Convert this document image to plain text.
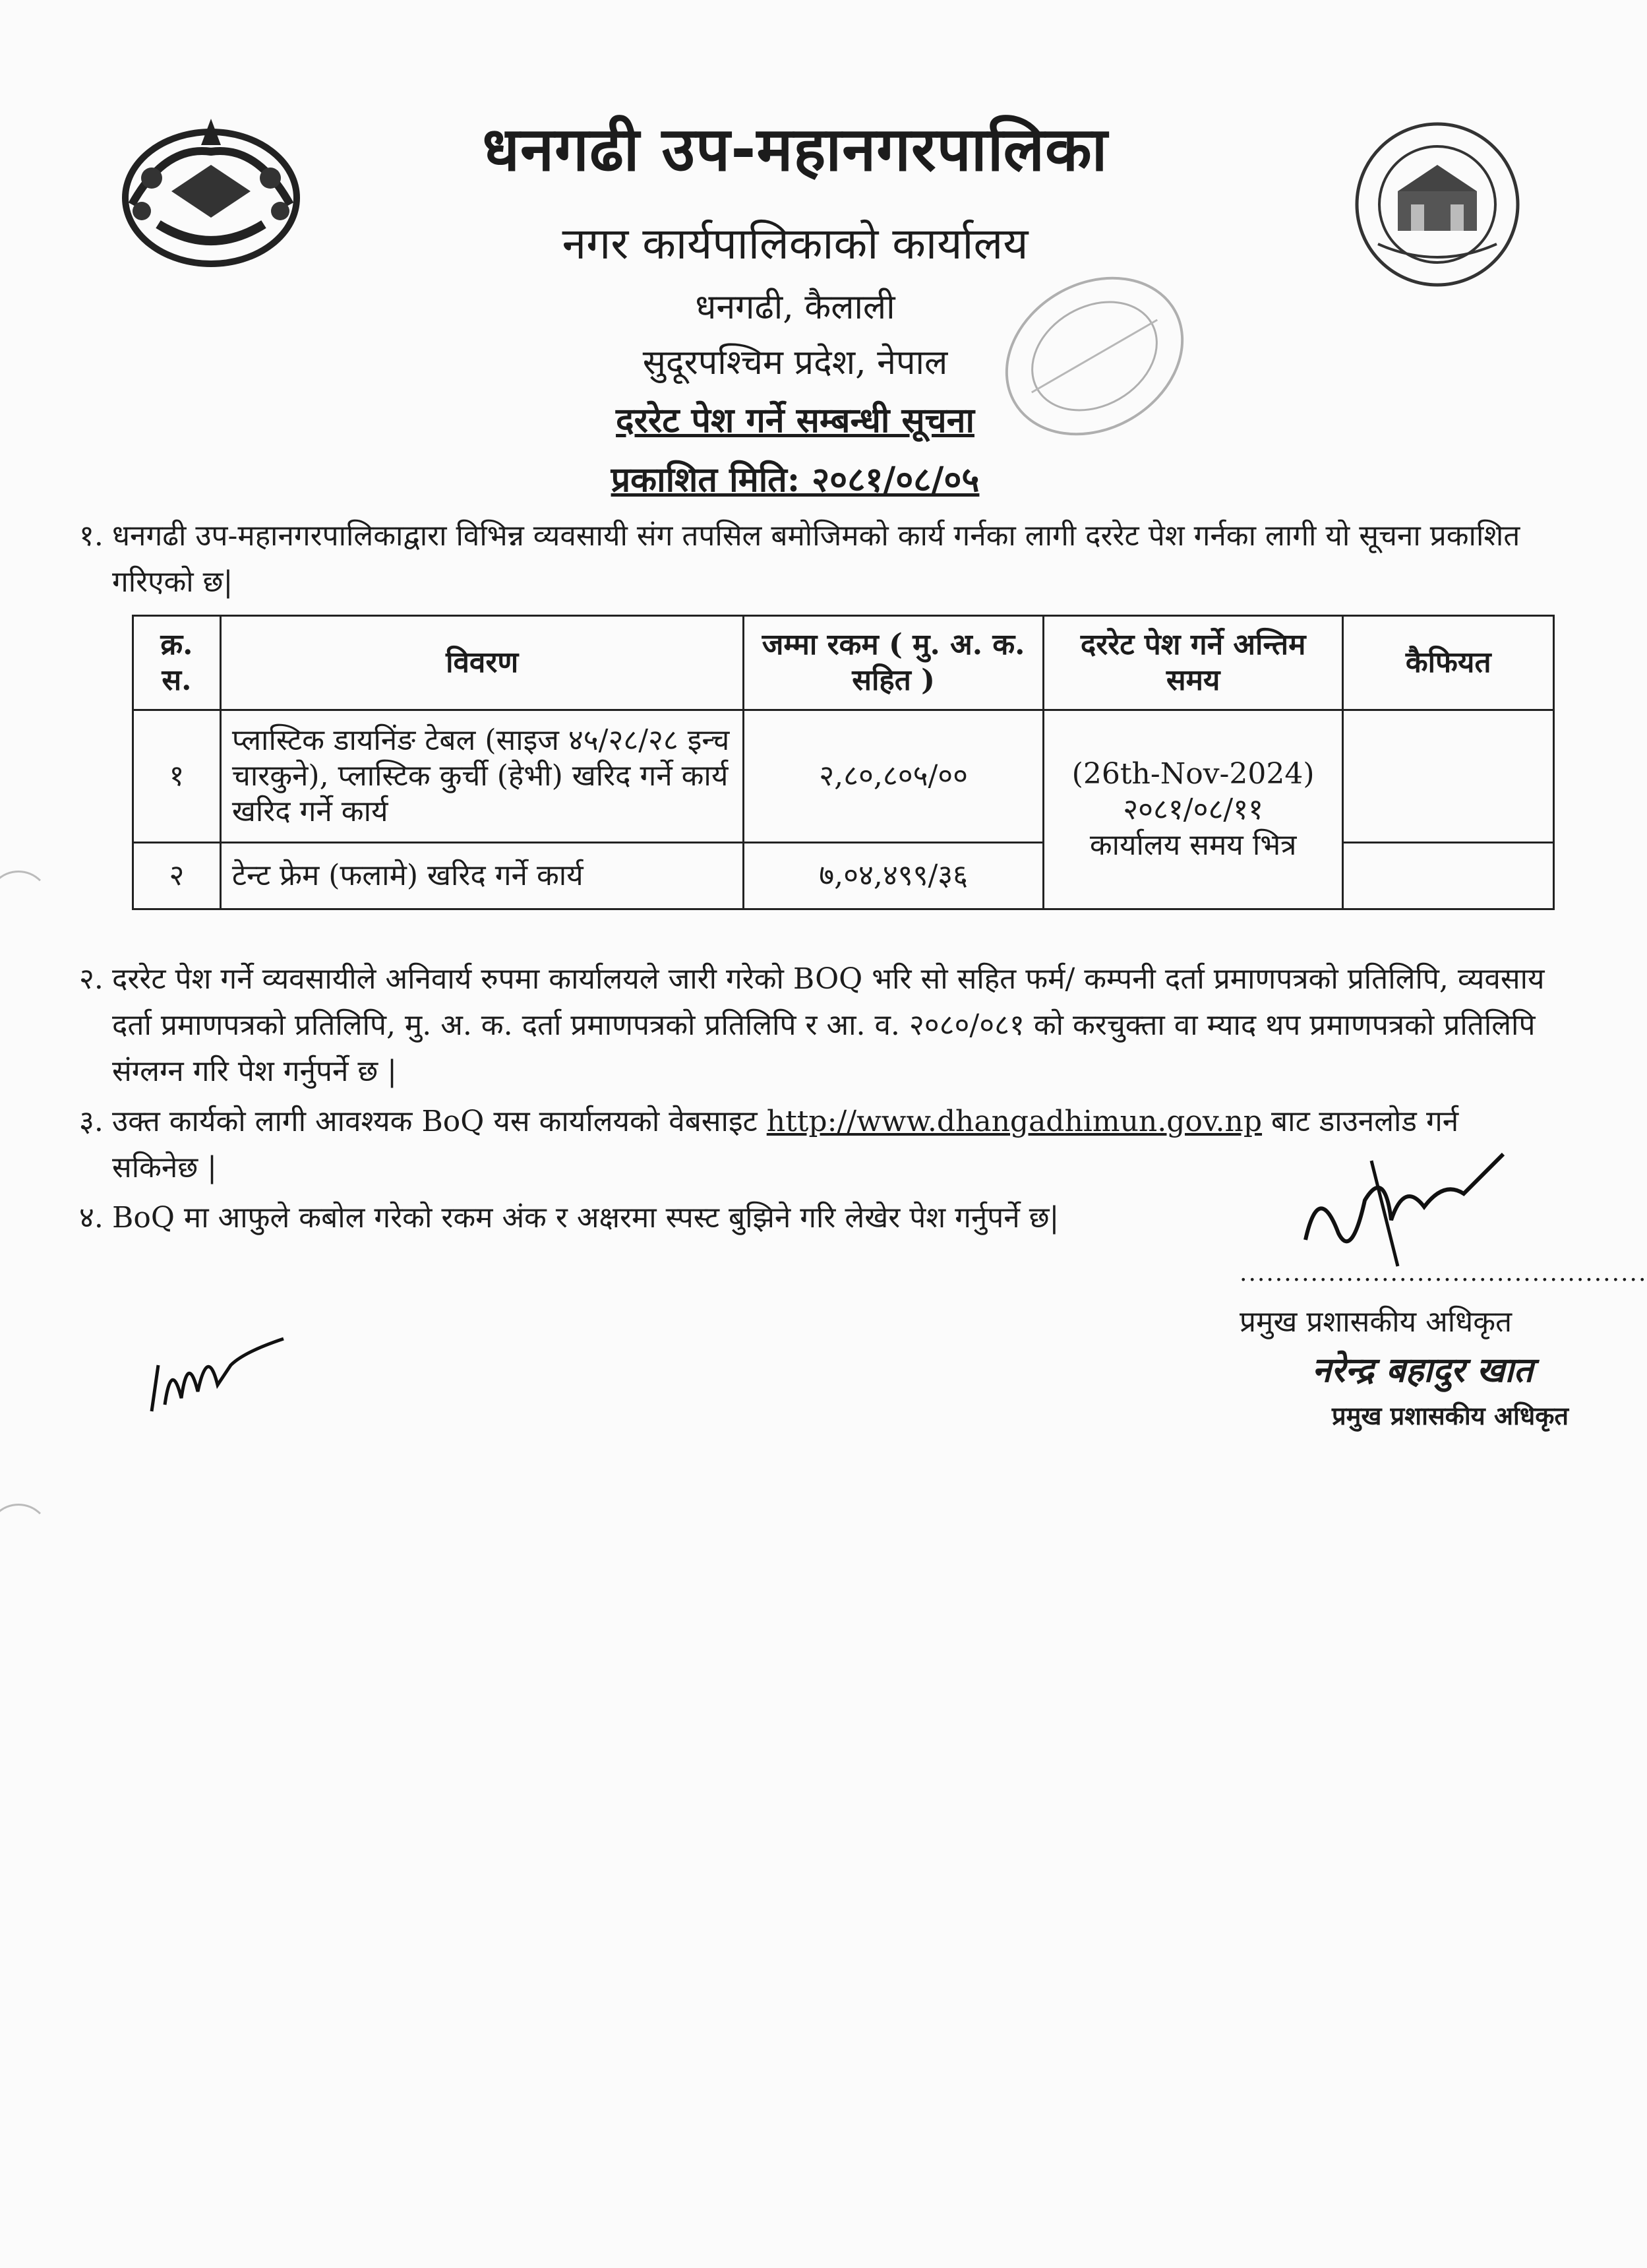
धनगढी उप-महानगरपालिका
नगर कार्यपालिकाको कार्यालय
धनगढी, कैलाली
सुदूरपश्चिम प्रदेश, नेपाल
दररेट पेश गर्ने सम्बन्धी सूचना
प्रकाशित मिति: २०८१/०८/०५
१. धनगढी उप-महानगरपालिकाद्वारा विभिन्न व्यवसायी संग तपसिल बमोजिमको कार्य गर्नका लागी दररेट पेश गर्नका लागी यो सूचना प्रकाशित गरिएको छ|
क्र. स.	विवरण	जम्मा रकम ( मु. अ. क. सहित )	दररेट पेश गर्ने अन्तिम समय	कैफियत
१	प्लास्टिक डायनिंङ टेबल (साइज ४५/२८/२८ इन्च चारकुने), प्लास्टिक कुर्ची (हेभी) खरिद गर्ने कार्य खरिद गर्ने कार्य	२,८०,८०५/००	(26th-Nov-2024)
२०८१/०८/११
कार्यालय समय भित्र	

२	टेन्ट फ्रेम (फलामे) खरिद गर्ने कार्य	७,०४,४९९/३६		
२. दररेट पेश गर्ने व्यवसायीले अनिवार्य रुपमा कार्यालयले जारी गरेको BOQ भरि सो सहित फर्म/ कम्पनी दर्ता प्रमाणपत्रको प्रतिलिपि, व्यवसाय दर्ता प्रमाणपत्रको प्रतिलिपि, मु. अ. क. दर्ता प्रमाणपत्रको प्रतिलिपि र आ. व. २०८०/०८१ को करचुक्ता वा म्याद थप प्रमाणपत्रको प्रतिलिपि संग्लग्न गरि पेश गर्नुपर्ने छ |
३. उक्त कार्यको लागी आवश्यक BoQ यस कार्यालयको वेबसाइट http://www.dhangadhimun.gov.np बाट डाउनलोड गर्न सकिनेछ |
४. BoQ मा आफुले कबोल गरेको रकम अंक र अक्षरमा स्पस्ट बुझिने गरि लेखेर पेश गर्नुपर्ने छ|
..............................................
प्रमुख प्रशासकीय अधिकृत
नरेन्द्र बहादुर खात
प्रमुख प्रशासकीय अधिकृत
